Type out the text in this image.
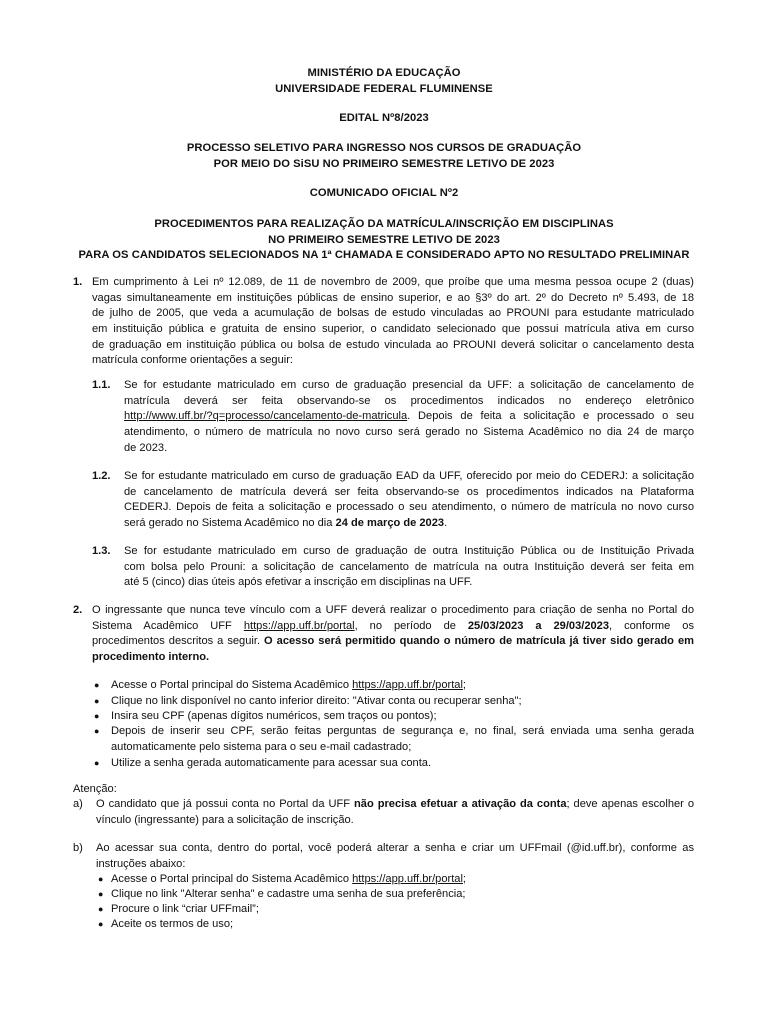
MINISTÉRIO DA EDUCAÇÃO
UNIVERSIDADE FEDERAL FLUMINENSE
EDITAL Nº8/2023
PROCESSO SELETIVO PARA INGRESSO NOS CURSOS DE GRADUAÇÃO
POR MEIO DO SiSU NO PRIMEIRO SEMESTRE LETIVO DE 2023
COMUNICADO OFICIAL Nº2
PROCEDIMENTOS PARA REALIZAÇÃO DA MATRÍCULA/INSCRIÇÃO EM DISCIPLINAS
NO PRIMEIRO SEMESTRE LETIVO DE 2023
PARA OS CANDIDATOS SELECIONADOS NA 1ª CHAMADA E CONSIDERADO APTO NO RESULTADO PRELIMINAR
1. Em cumprimento à Lei nº 12.089, de 11 de novembro de 2009, que proíbe que uma mesma pessoa ocupe 2 (duas)
vagas simultaneamente em instituições públicas de ensino superior, e ao §3º do art. 2º do Decreto nº 5.493, de 18
de julho de 2005, que veda a acumulação de bolsas de estudo vinculadas ao PROUNI para estudante matriculado
em instituição pública e gratuita de ensino superior, o candidato selecionado que possui matrícula ativa em curso
de graduação em instituição pública ou bolsa de estudo vinculada ao PROUNI deverá solicitar o cancelamento desta
matrícula conforme orientações a seguir:
1.1. Se for estudante matriculado em curso de graduação presencial da UFF: a solicitação de cancelamento de
matrícula deverá ser feita observando-se os procedimentos indicados no endereço eletrônico
http://www.uff.br/?q=processo/cancelamento-de-matricula. Depois de feita a solicitação e processado o seu
atendimento, o número de matrícula no novo curso será gerado no Sistema Acadêmico no dia 24 de março
de 2023.
1.2. Se for estudante matriculado em curso de graduação EAD da UFF, oferecido por meio do CEDERJ: a solicitação
de cancelamento de matrícula deverá ser feita observando-se os procedimentos indicados na Plataforma
CEDERJ. Depois de feita a solicitação e processado o seu atendimento, o número de matrícula no novo curso
será gerado no Sistema Acadêmico no dia 24 de março de 2023.
1.3. Se for estudante matriculado em curso de graduação de outra Instituição Pública ou de Instituição Privada
com bolsa pelo Prouni: a solicitação de cancelamento de matrícula na outra Instituição deverá ser feita em
até 5 (cinco) dias úteis após efetivar a inscrição em disciplinas na UFF.
2. O ingressante que nunca teve vínculo com a UFF deverá realizar o procedimento para criação de senha no Portal do
Sistema Acadêmico UFF https://app.uff.br/portal, no período de 25/03/2023 a 29/03/2023, conforme os
procedimentos descritos a seguir. O acesso será permitido quando o número de matrícula já tiver sido gerado em
procedimento interno.
● Acesse o Portal principal do Sistema Acadêmico https://app.uff.br/portal;
● Clique no link disponível no canto inferior direito: "Ativar conta ou recuperar senha";
● Insira seu CPF (apenas dígitos numéricos, sem traços ou pontos);
● Depois de inserir seu CPF, serão feitas perguntas de segurança e, no final, será enviada uma senha gerada
automaticamente pelo sistema para o seu e-mail cadastrado;
● Utilize a senha gerada automaticamente para acessar sua conta.
Atenção:
a) O candidato que já possui conta no Portal da UFF não precisa efetuar a ativação da conta; deve apenas escolher o
vínculo (ingressante) para a solicitação de inscrição.
b) Ao acessar sua conta, dentro do portal, você poderá alterar a senha e criar um UFFmail (@id.uff.br), conforme as
instruções abaixo:
● Acesse o Portal principal do Sistema Acadêmico https://app.uff.br/portal;
● Clique no link "Alterar senha" e cadastre uma senha de sua preferência;
● Procure o link “criar UFFmail”;
● Aceite os termos de uso;
